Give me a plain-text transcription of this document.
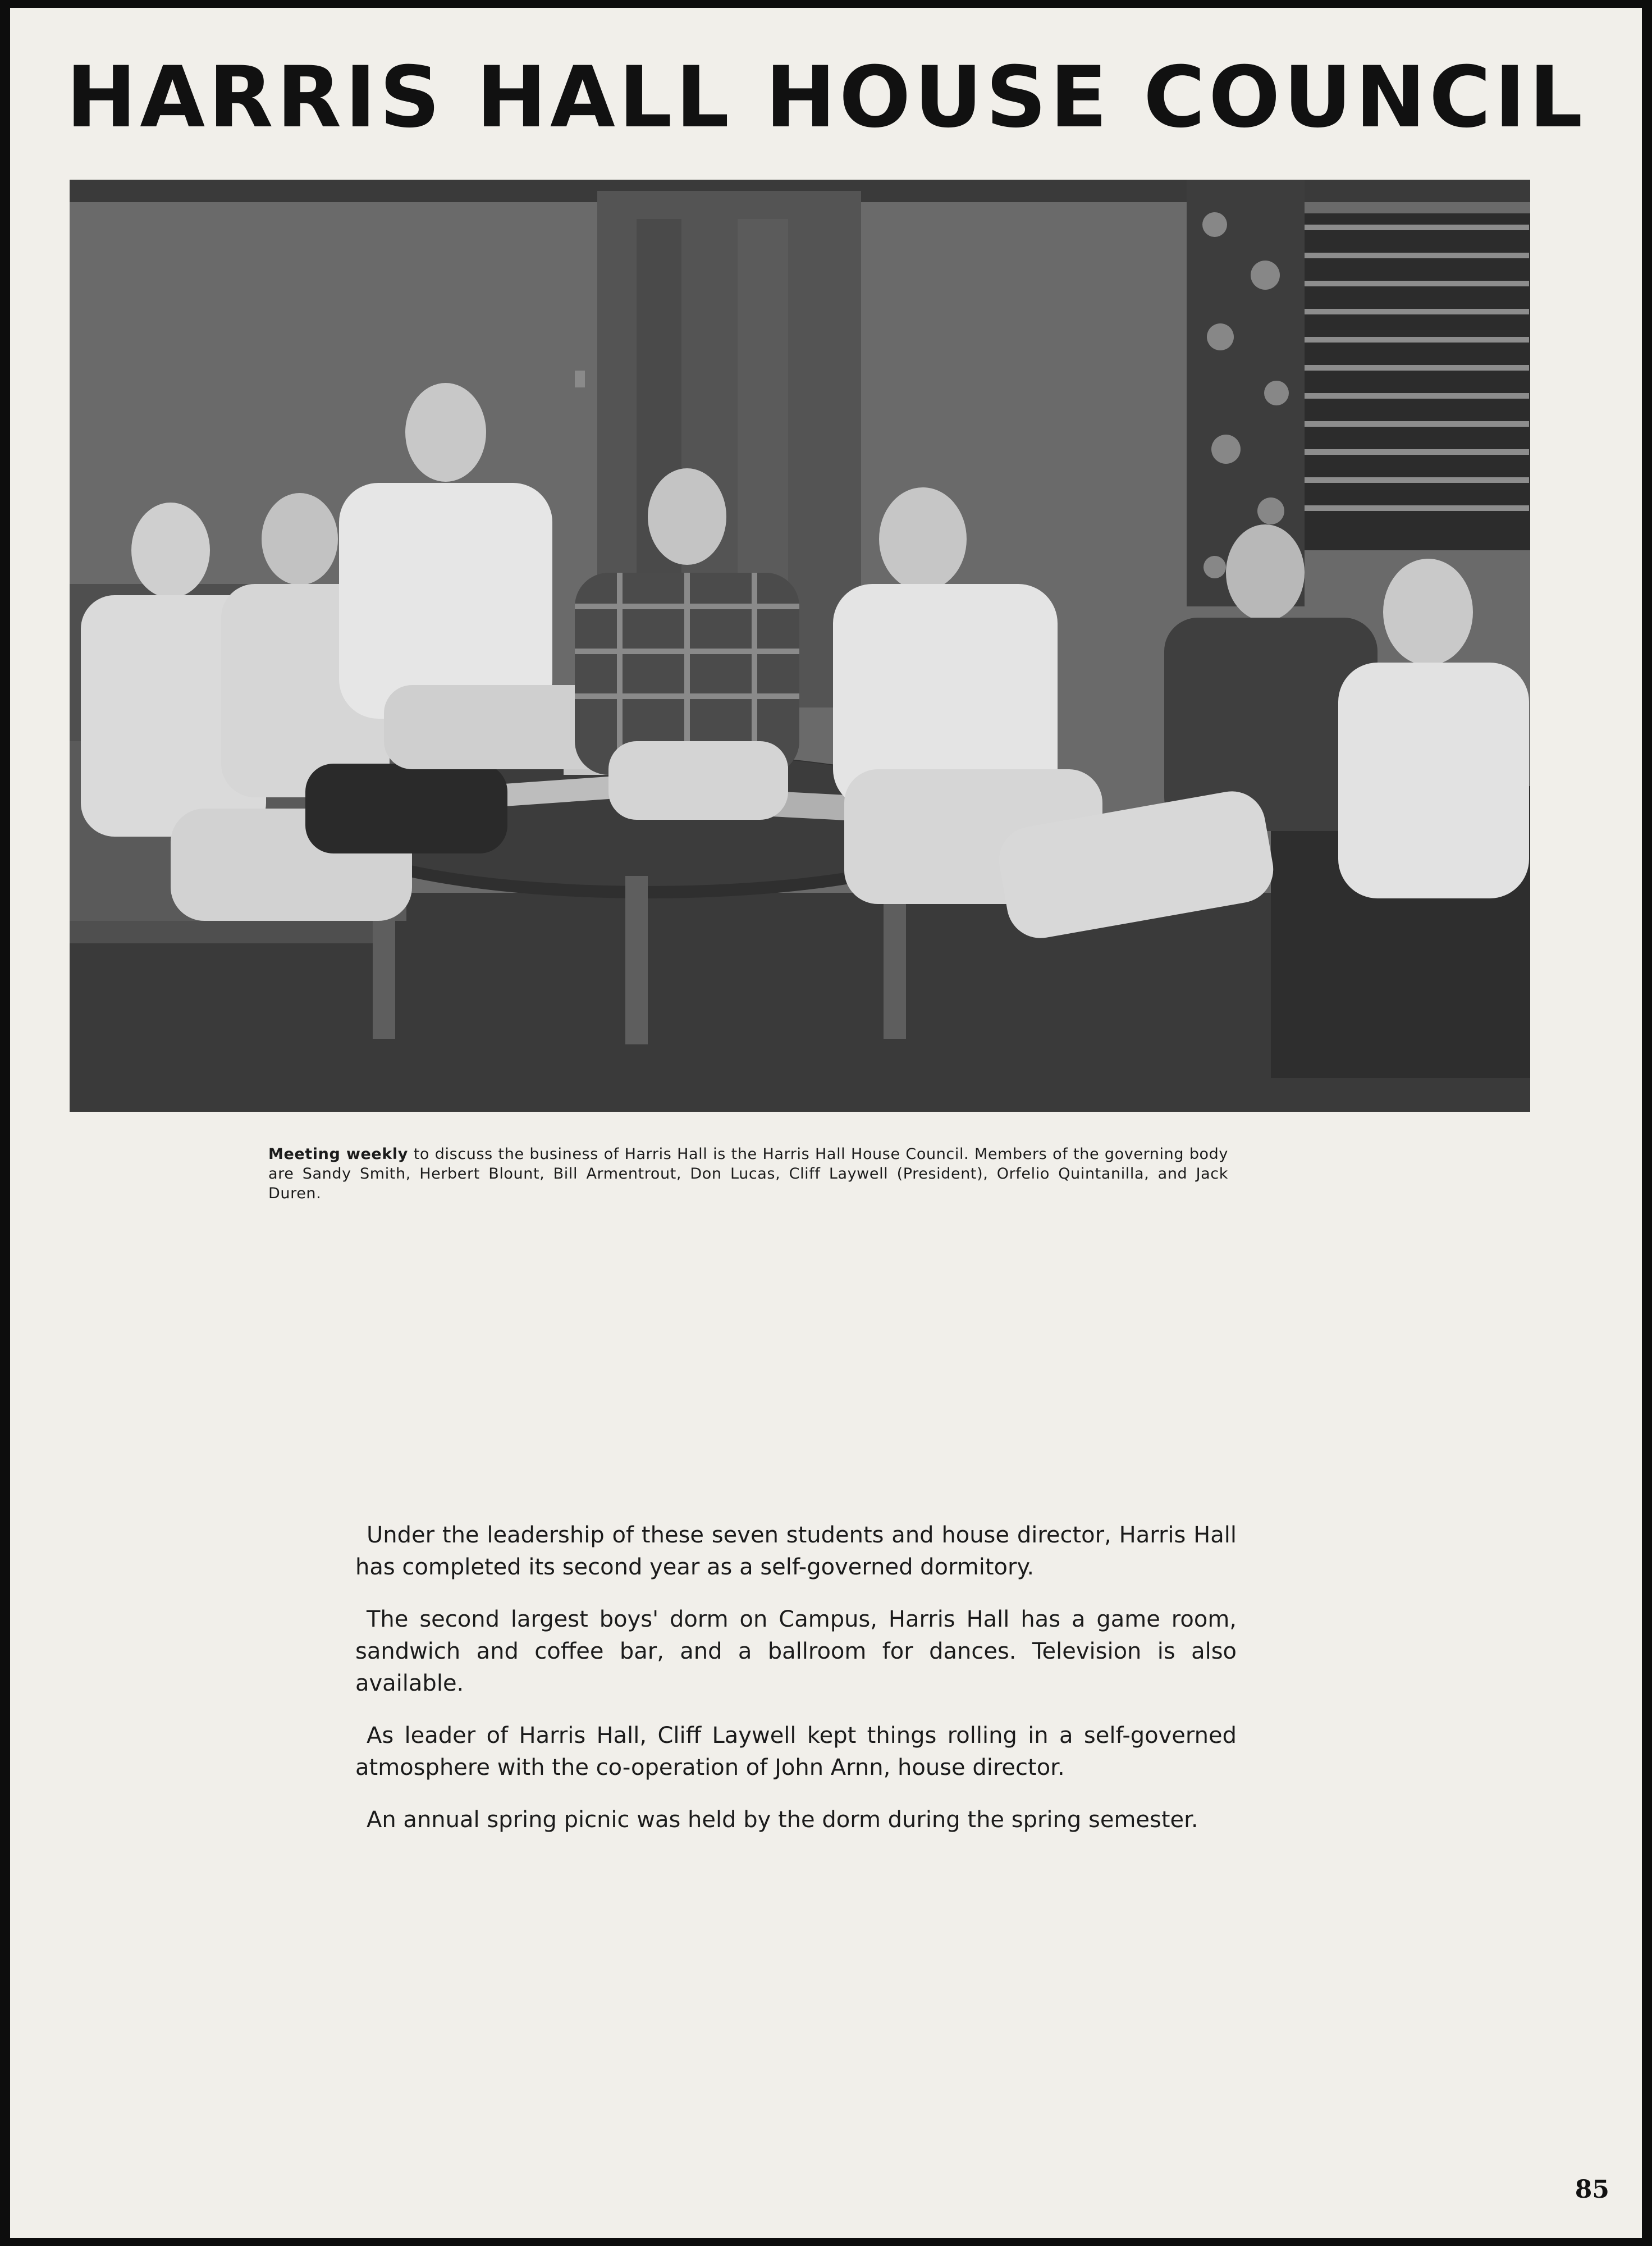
HARRIS HALL HOUSE COUNCIL
Meeting weekly to discuss the business of Harris Hall is the Harris Hall House Council. Members of the governing body are Sandy Smith, Herbert Blount, Bill Armentrout, Don Lucas, Cliff Laywell (President), Orfelio Quintanilla, and Jack Duren.

Under the leadership of these seven students and house director, Harris Hall has completed its second year as a self-governed dormitory.

The second largest boys' dorm on Campus, Harris Hall has a game room, sandwich and coffee bar, and a ballroom for dances. Television is also available.

As leader of Harris Hall, Cliff Laywell kept things rolling in a self-governed atmosphere with the co-operation of John Arnn, house director.

An annual spring picnic was held by the dorm during the spring semester.

85
